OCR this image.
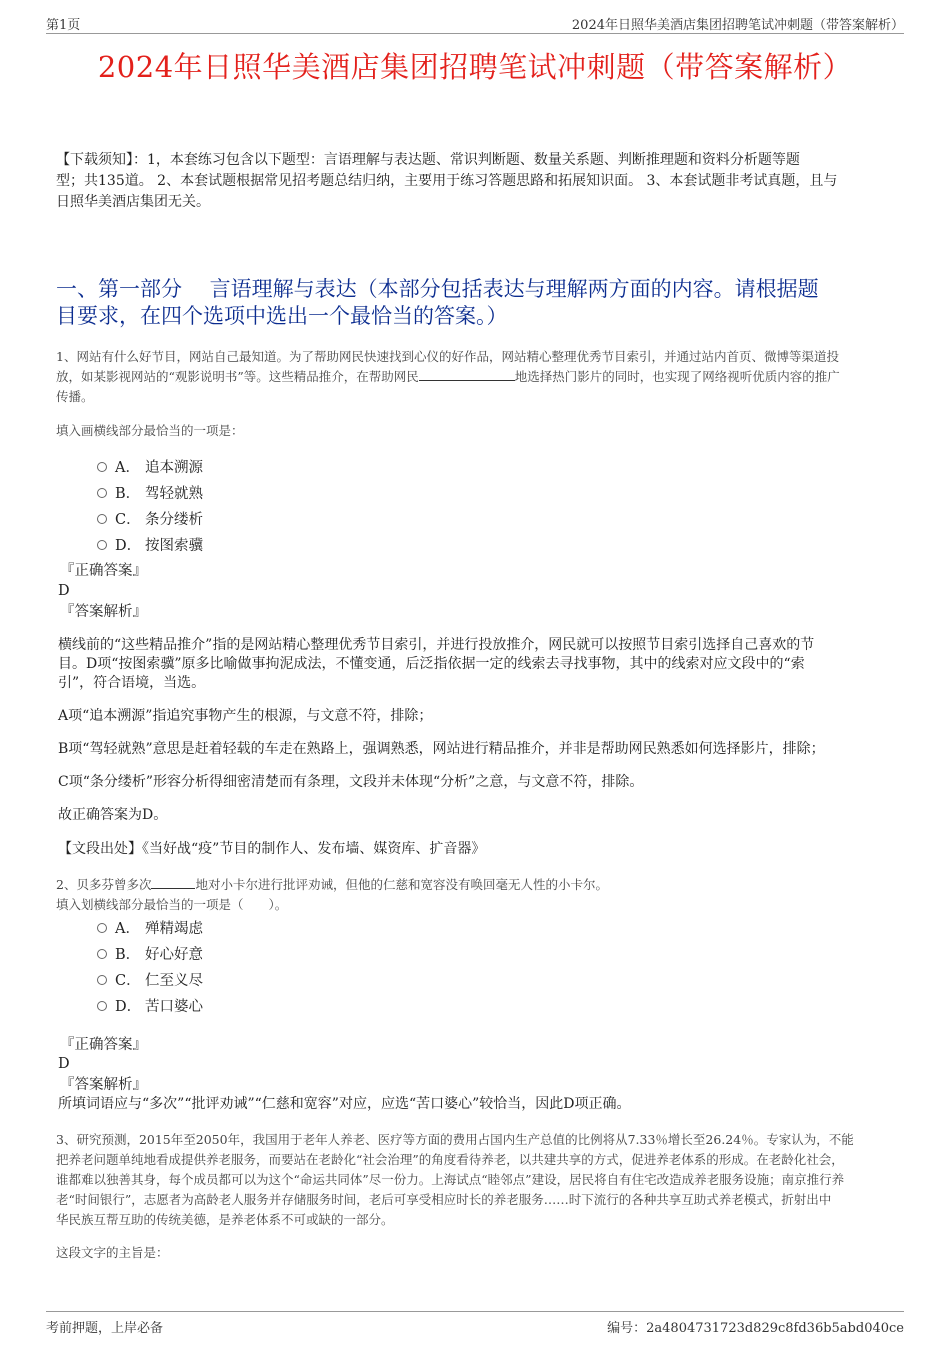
第1页	2024年日照华美酒店集团招聘笔试冲刺题（带答案解析）
2024年日照华美酒店集团招聘笔试冲刺题（带答案解析）
【下载须知】：1，本套练习包含以下题型：言语理解与表达题、常识判断题、数量关系题、判断推理题和资料分析题等题
型；共135道。 2、本套试题根据常见招考题总结归纳，主要用于练习答题思路和拓展知识面。 3、本套试题非考试真题，且与
日照华美酒店集团无关。
一、第一部分　 言语理解与表达（本部分包括表达与理解两方面的内容。请根据题
目要求，在四个选项中选出一个最恰当的答案。）
1、网站有什么好节目，网站自己最知道。为了帮助网民快速找到心仪的好作品，网站精心整理优秀节目索引，并通过站内首页、微博等渠道投
放，如某影视网站的“观影说明书”等。这些精品推介，在帮助网民	地选择热门影片的同时，也实现了网络视听优质内容的推广
传播。
填入画横线部分最恰当的一项是：
A． 追本溯源
B． 驾轻就熟
C． 条分缕析
D． 按图索骥
『正确答案』
D
『答案解析』
横线前的“这些精品推介”指的是网站精心整理优秀节目索引，并进行投放推介，网民就可以按照节目索引选择自己喜欢的节
目。D项“按图索骥”原多比喻做事拘泥成法，不懂变通，后泛指依据一定的线索去寻找事物，其中的线索对应文段中的“索
引”，符合语境，当选。
A项“追本溯源”指追究事物产生的根源，与文意不符，排除；
B项“驾轻就熟”意思是赶着轻载的车走在熟路上，强调熟悉，网站进行精品推介，并非是帮助网民熟悉如何选择影片，排除；
C项“条分缕析”形容分析得细密清楚而有条理，文段并未体现“分析”之意，与文意不符，排除。
故正确答案为D。
【文段出处】《当好战“疫”节目的制作人、发布墙、媒资库、扩音器》
2、贝多芬曾多次	地对小卡尔进行批评劝诫，但他的仁慈和宽容没有唤回毫无人性的小卡尔。
填入划横线部分最恰当的一项是（　　）。
A． 殚精竭虑
B． 好心好意
C． 仁至义尽
D． 苦口婆心
『正确答案』
D
『答案解析』
所填词语应与“多次”“批评劝诫”“仁慈和宽容”对应，应选“苦口婆心”较恰当，因此D项正确。
3、研究预测，2015年至2050年，我国用于老年人养老、医疗等方面的费用占国内生产总值的比例将从7.33％增长至26.24％。专家认为，不能
把养老问题单纯地看成提供养老服务，而要站在老龄化“社会治理”的角度看待养老，以共建共享的方式，促进养老体系的形成。在老龄化社会，
谁都难以独善其身，每个成员都可以为这个“命运共同体”尽一份力。上海试点“睦邻点”建设，居民将自有住宅改造成养老服务设施；南京推行养
老“时间银行”，志愿者为高龄老人服务并存储服务时间，老后可享受相应时长的养老服务……时下流行的各种共享互助式养老模式，折射出中
华民族互帮互助的传统美德，是养老体系不可或缺的一部分。
这段文字的主旨是：
考前押题，上岸必备	编号：2a4804731723d829c8fd36b5abd040ce
